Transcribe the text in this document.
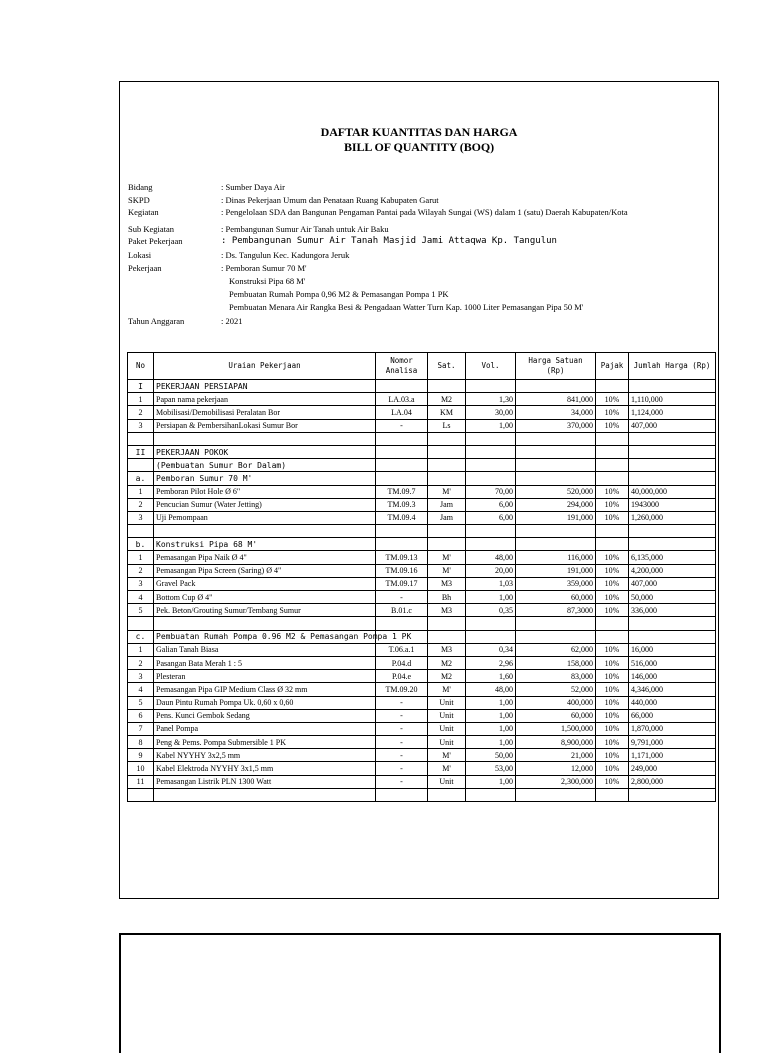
DAFTAR KUANTITAS DAN HARGA
BILL OF QUANTITY (BOQ)
Bidang	: Sumber Daya Air
SKPD	: Dinas Pekerjaan Umum dan Penataan Ruang Kabupaten Garut
Kegiatan	: Pengelolaan SDA dan Bangunan Pengaman Pantai pada Wilayah Sungai (WS) dalam 1 (satu) Daerah Kabupaten/Kota
Sub Kegiatan	: Pembangunan Sumur Air Tanah untuk Air Baku
Paket Pekerjaan	: Pembangunan Sumur Air Tanah Masjid Jami Attaqwa Kp. Tangulun
Lokasi	: Ds. Tangulun Kec. Kadungora Jeruk
Pekerjaan	: Pemboran Sumur 70 M'
Konstruksi Pipa 68 M'
Pembuatan Rumah Pompa 0,96 M2 & Pemasangan Pompa 1 PK
Pembuatan Menara Air Rangka Besi & Pengadaan Watter Turn Kap. 1000 Liter Pemasangan Pipa 50 M'
Tahun Anggaran	: 2021
No	Uraian Pekerjaan	Nomor Analisa	Sat.	Vol.	Harga Satuan (Rp)	Pajak	Jumlah Harga (Rp)
I	PEKERJAAN PERSIAPAN						
1	Papan nama pekerjaan	LA.03.a	M2	1,30	841,000	10%	1,110,000
2	Mobilisasi/Demobilisasi Peralatan Bor	LA.04	KM	30,00	34,000	10%	1,124,000
3	Persiapan & PembersihanLokasi Sumur Bor	-	Ls	1,00	370,000	10%	407,000

II	PEKERJAAN POKOK						
	(Pembuatan Sumur Bor Dalam)						
a.	Pemboran Sumur 70 M'						
1	Pemboran Pilot Hole Ø 6"	TM.09.7	M'	70,00	520,000	10%	40,000,000
2	Pencucian Sumur (Water Jetting)	TM.09.3	Jam	6,00	294,000	10%	1943000
3	Uji Pemompaan	TM.09.4	Jam	6,00	191,000	10%	1,260,000

b.	Konstruksi Pipa 68 M'						
1	Pemasangan Pipa Naik Ø 4"	TM.09.13	M'	48,00	116,000	10%	6,135,000
2	Pemasangan Pipa Screen (Saring) Ø 4"	TM.09.16	M'	20,00	191,000	10%	4,200,000
3	Gravel Pack	TM.09.17	M3	1,03	359,000	10%	407,000
4	Bottom Cup Ø 4"	-	Bh	1,00	60,000	10%	50,000
5	Pek. Beton/Grouting Sumur/Tembang Sumur	B.01.c	M3	0,35	87,3000	10%	336,000

c.	Pembuatan Rumah Pompa 0.96 M2 & Pemasangan Pompa 1 PK						
1	Galian Tanah Biasa	T.06.a.1	M3	0,34	62,000	10%	16,000
2	Pasangan Bata Merah 1 : 5	P.04.d	M2	2,96	158,000	10%	516,000
3	Plesteran	P.04.e	M2	1,60	83,000	10%	146,000
4	Pemasangan Pipa GIP Medium Class Ø 32 mm	TM.09.20	M'	48,00	52,000	10%	4,346,000
5	Daun Pintu Rumah Pompa Uk. 0,60 x 0,60	-	Unit	1,00	400,000	10%	440,000
6	Pens. Kunci Gembok Sedang	-	Unit	1,00	60,000	10%	66,000
7	Panel Pompa	-	Unit	1,00	1,500,000	10%	1,870,000
8	Peng & Pems. Pompa Submersible 1 PK	-	Unit	1,00	8,900,000	10%	9,791,000
9	Kabel NYYHY 3x2,5 mm	-	M'	50,00	21,000	10%	1,171,000
10	Kabel Elektroda NYYHY 3x1,5 mm	-	M'	53,00	12,000	10%	249,000
11	Pemasangan Listrik PLN 1300 Watt	-	Unit	1,00	2,300,000	10%	2,800,000
